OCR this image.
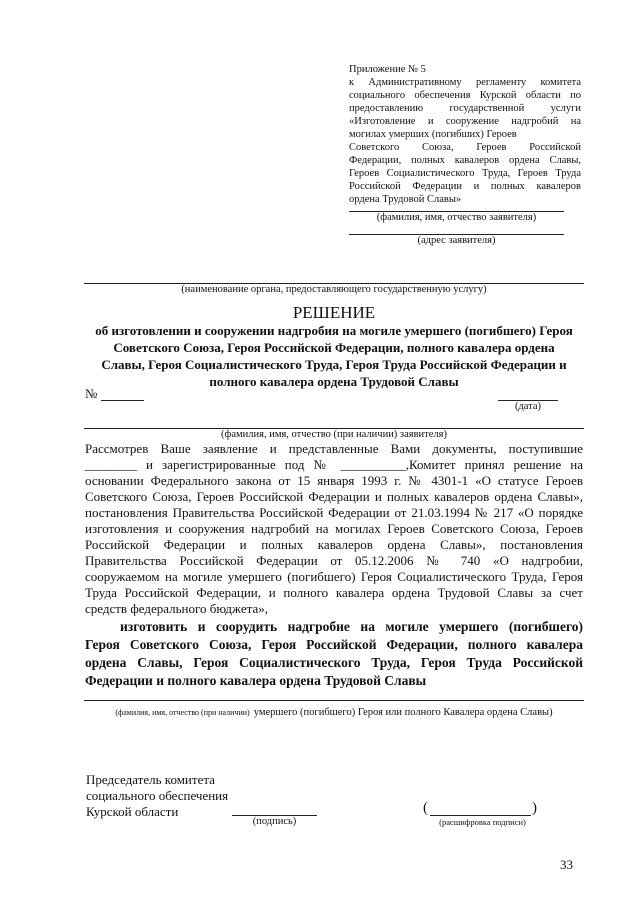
Приложение № 5
к Административному регламенту комитета
социального обеспечения Курской области по
предоставлению государственной услуги
«Изготовление и сооружение надгробий на
могилах умерших (погибших) Героев
Советского Союза, Героев Российской
Федерации, полных кавалеров ордена Славы,
Героев Социалистического Труда, Героев Труда
Российской Федерации и полных кавалеров
ордена Трудовой Славы»
(фамилия, имя, отчество заявителя)
(адрес заявителя)
(наименование органа, предоставляющего государственную услугу)
РЕШЕНИЕ
об изготовлении и сооружении надгробия на могиле умершего (погибшего) Героя
Советского Союза, Героя Российской Федерации, полного кавалера ордена
Славы, Героя Социалистического Труда, Героя Труда Российской Федерации и
полного кавалера ордена Трудовой Славы
№
(дата)
(фамилия, имя, отчество (при наличии) заявителя)
Рассмотрев Ваше заявление и представленные Вами документы, поступившие
________ и зарегистрированные под № __________,Комитет принял решение на
основании Федерального закона от 15 января 1993 г. № 4301-1 «О статусе Героев
Советского Союза, Героев Российской Федерации и полных кавалеров ордена Славы»,
постановления Правительства Российской Федерации от 21.03.1994 № 217 «О порядке
изготовления и сооружения надгробий на могилах Героев Советского Союза, Героев
Российской Федерации и полных кавалеров ордена Славы», постановления
Правительства Российской Федерации от 05.12.2006 № 740 «О надгробии,
сооружаемом на могиле умершего (погибшего) Героя Социалистического Труда, Героя
Труда Российской Федерации, и полного кавалера ордена Трудовой Славы за счет
средств федерального бюджета»,
изготовить и соорудить надгробие на могиле умершего (погибшего)
Героя Советского Союза, Героя Российской Федерации, полного кавалера
ордена Славы, Героя Социалистического Труда, Героя Труда Российской
Федерации и полного кавалера ордена Трудовой Славы
(фамилия, имя, отчество (при наличии) умершего (погибшего) Героя или полного Кавалера ордена Славы)
Председатель комитета
социального обеспечения
Курской области
(подпись)
(	)
(расшифровка подписи)
33
